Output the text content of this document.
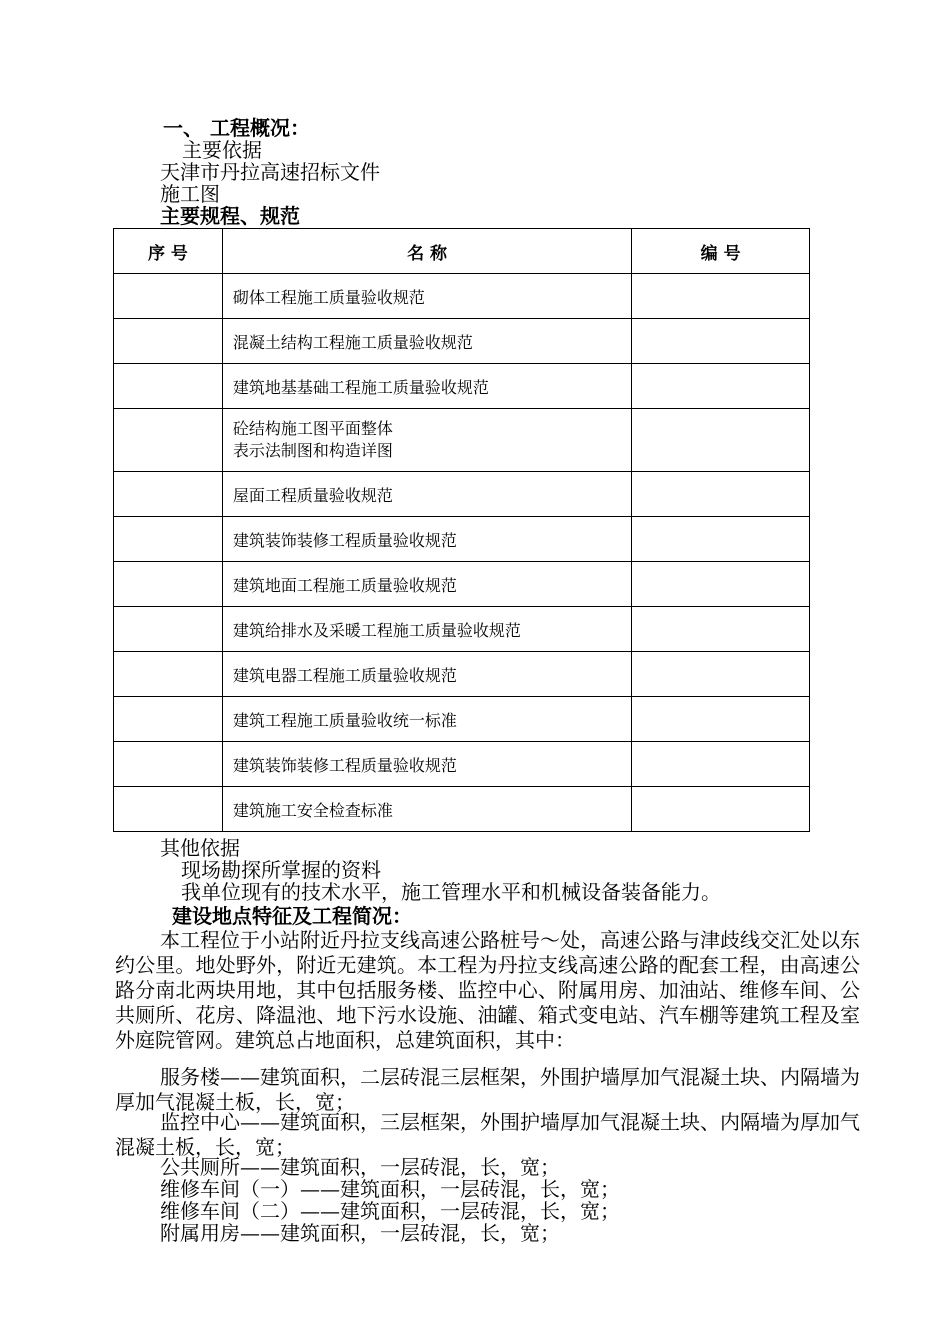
一、 工程概况：
主要依据
天津市丹拉高速招标文件
施工图
主要规程、规范
序 号	名 称	编 号
	砌体工程施工质量验收规范	
	混凝土结构工程施工质量验收规范	
	建筑地基基础工程施工质量验收规范	

	砼结构施工图平面整体
表示法制图和构造详图	

	屋面工程质量验收规范	
	建筑装饰装修工程质量验收规范	
	建筑地面工程施工质量验收规范	
	建筑给排水及采暖工程施工质量验收规范	
	建筑电器工程施工质量验收规范	
	建筑工程施工质量验收统一标准	
	建筑装饰装修工程质量验收规范	
	建筑施工安全检查标准	
其他依据
现场勘探所掌握的资料
我单位现有的技术水平，施工管理水平和机械设备装备能力。
建设地点特征及工程简况：
本工程位于小站附近丹拉支线高速公路桩号～处，高速公路与津歧线交汇处以东约公里。地处野外，附近无建筑。本工程为丹拉支线高速公路的配套工程，由高速公路分南北两块用地，其中包括服务楼、监控中心、附属用房、加油站、维修车间、公共厕所、花房、降温池、地下污水设施、油罐、箱式变电站、汽车棚等建筑工程及室外庭院管网。建筑总占地面积，总建筑面积，其中：
服务楼——建筑面积，二层砖混三层框架，外围护墙厚加气混凝土块、内隔墙为厚加气混凝土板，长，宽；
监控中心——建筑面积，三层框架，外围护墙厚加气混凝土块、内隔墙为厚加气混凝土板，长，宽；
公共厕所——建筑面积，一层砖混，长，宽；
维修车间（一）——建筑面积，一层砖混，长，宽；
维修车间（二）——建筑面积，一层砖混，长，宽；
附属用房——建筑面积，一层砖混，长，宽；
